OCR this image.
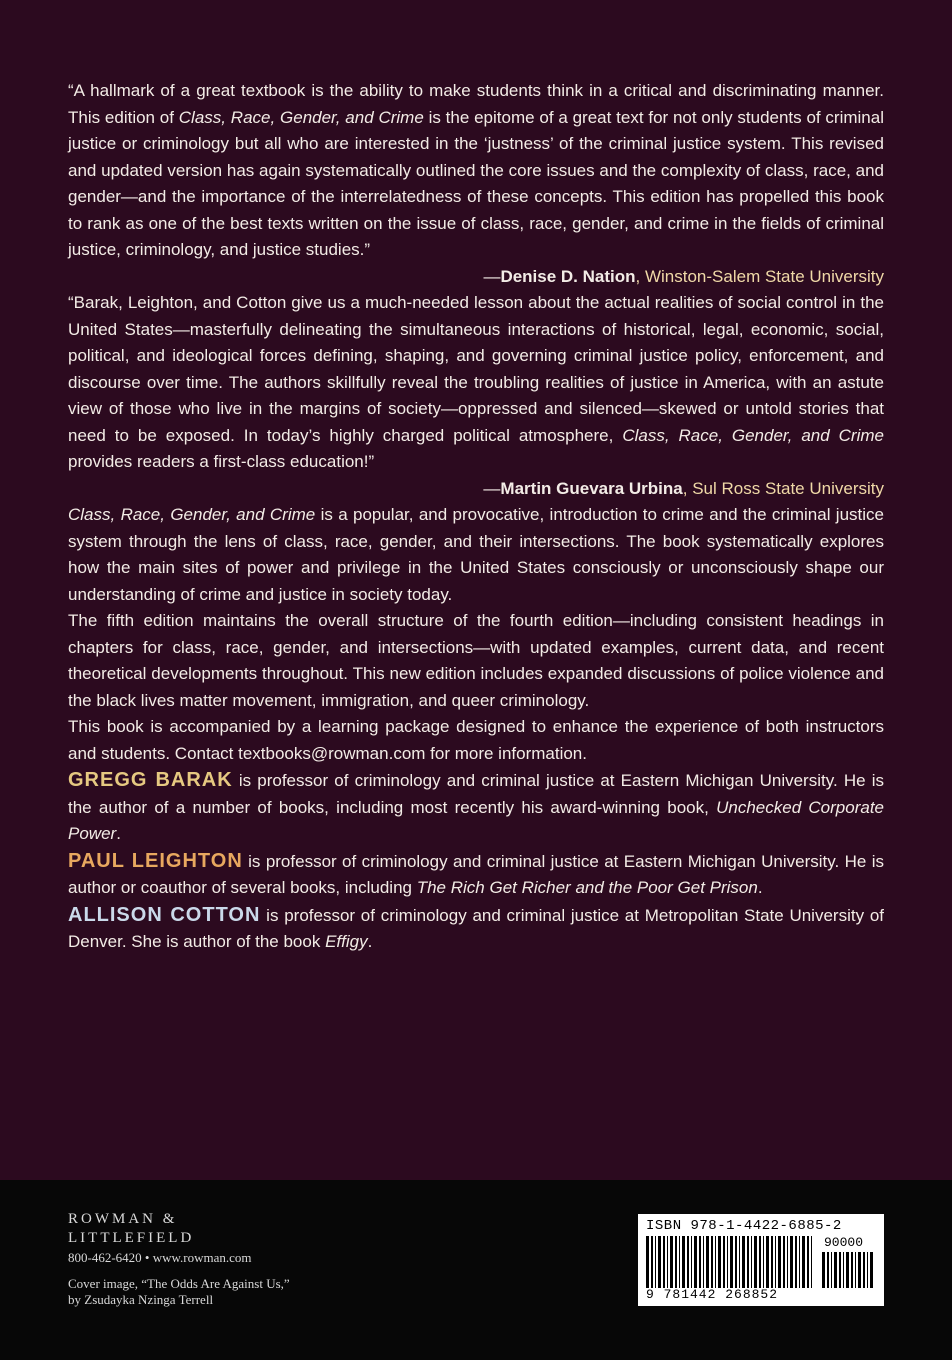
“A hallmark of a great textbook is the ability to make students think in a critical and discriminating manner. This edition of Class, Race, Gender, and Crime is the epitome of a great text for not only students of criminal justice or criminology but all who are interested in the ‘justness’ of the criminal justice system. This revised and updated version has again systematically outlined the core issues and the complexity of class, race, and gender—and the importance of the interrelatedness of these concepts. This edition has propelled this book to rank as one of the best texts written on the issue of class, race, gender, and crime in the fields of criminal justice, criminology, and justice studies.”

—Denise D. Nation, Winston-Salem State University

“Barak, Leighton, and Cotton give us a much-needed lesson about the actual realities of social control in the United States—masterfully delineating the simultaneous interactions of historical, legal, economic, social, political, and ideological forces defining, shaping, and governing criminal justice policy, enforcement, and discourse over time. The authors skillfully reveal the troubling realities of justice in America, with an astute view of those who live in the margins of society—oppressed and silenced—skewed or untold stories that need to be exposed. In today’s highly charged political atmosphere, Class, Race, Gender, and Crime provides readers a first-class education!”

—Martin Guevara Urbina, Sul Ross State University

Class, Race, Gender, and Crime is a popular, and provocative, introduction to crime and the criminal justice system through the lens of class, race, gender, and their intersections. The book systematically explores how the main sites of power and privilege in the United States consciously or unconsciously shape our understanding of crime and justice in society today.

The fifth edition maintains the overall structure of the fourth edition—including consistent headings in chapters for class, race, gender, and intersections—with updated examples, current data, and recent theoretical developments throughout. This new edition includes expanded discussions of police violence and the black lives matter movement, immigration, and queer criminology.

This book is accompanied by a learning package designed to enhance the experience of both instructors and students. Contact textbooks@rowman.com for more information.

GREGG BARAK is professor of criminology and criminal justice at Eastern Michigan University. He is the author of a number of books, including most recently his award-winning book, Unchecked Corporate Power.

PAUL LEIGHTON is professor of criminology and criminal justice at Eastern Michigan University. He is author or coauthor of several books, including The Rich Get Richer and the Poor Get Prison.

ALLISON COTTON is professor of criminology and criminal justice at Metropolitan State University of Denver. She is author of the book Effigy.

ROWMAN &
LITTLEFIELD
800-462-6420 • www.rowman.com
Cover image, “The Odds Are Against Us,”
by Zsudayka Nzinga Terrell
ISBN 978-1-4422-6885-2
90000
9 781442 268852
